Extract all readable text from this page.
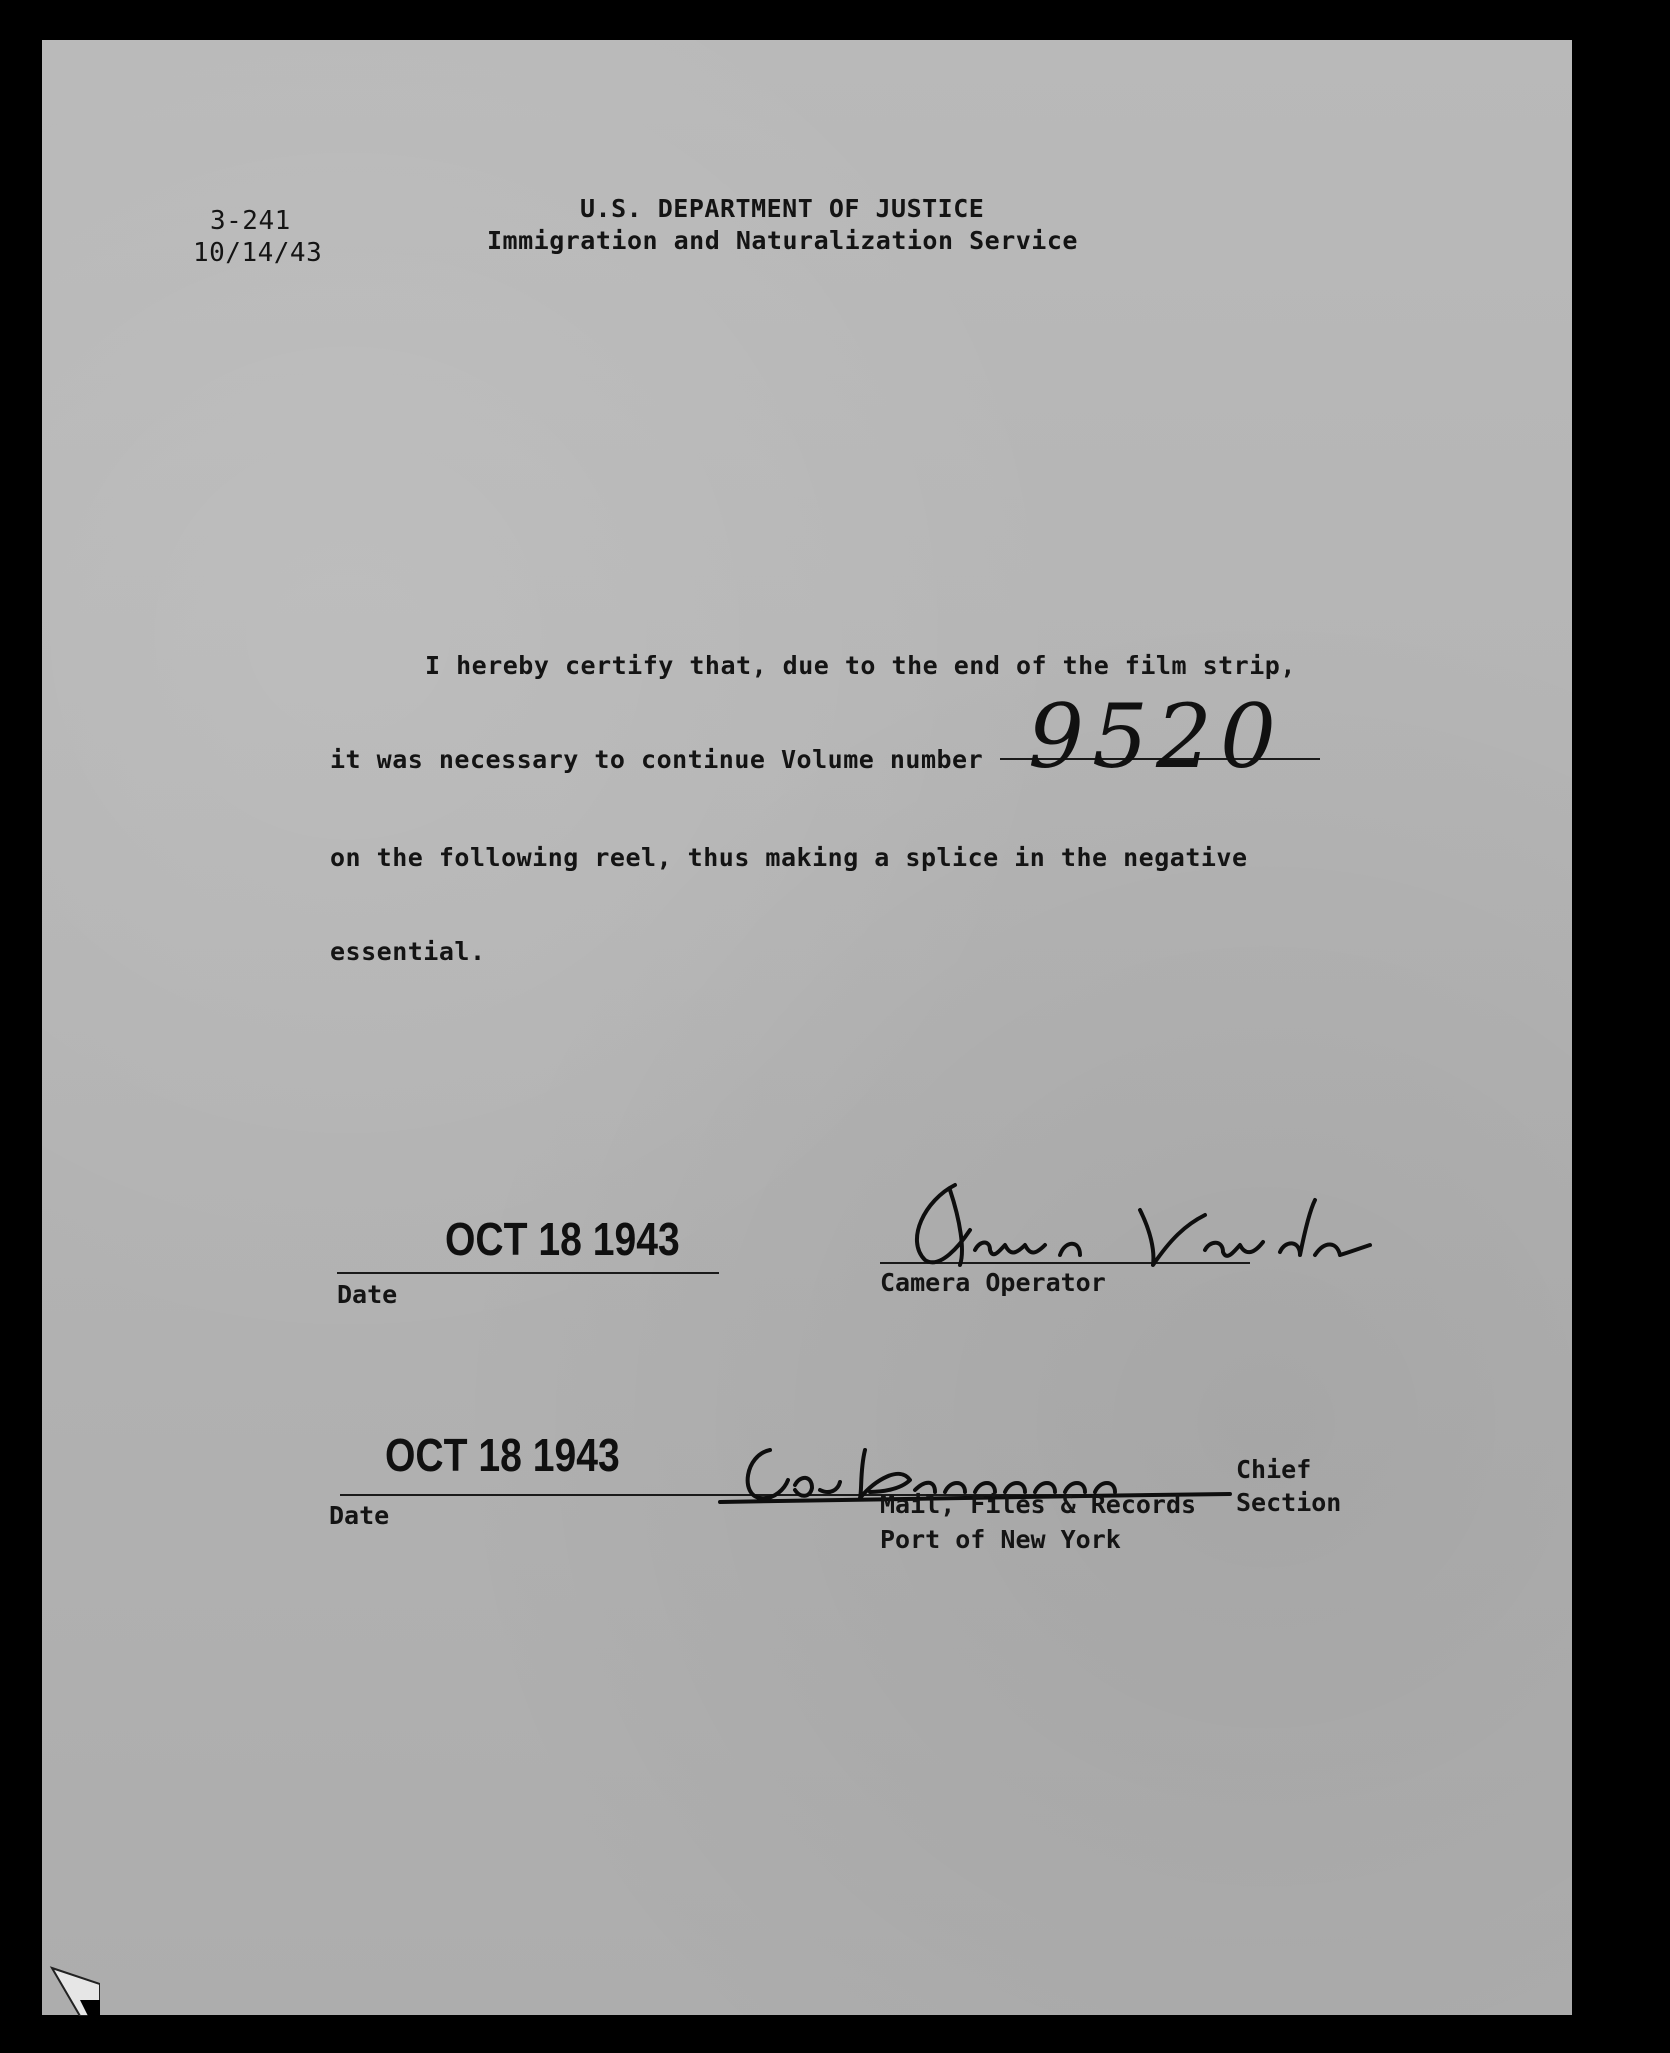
3-241
10/14/43
U.S. DEPARTMENT OF JUSTICE
Immigration and Naturalization Service
I hereby certify that, due to the end of the film strip,
it was necessary to continue Volume number 9520
on the following reel, thus making a splice in the negative
essential.
OCT 18 1943
Date	Camera Operator
OCT 18 1943
Date
Chief
Mail, Files & Records Section
Port of New York
